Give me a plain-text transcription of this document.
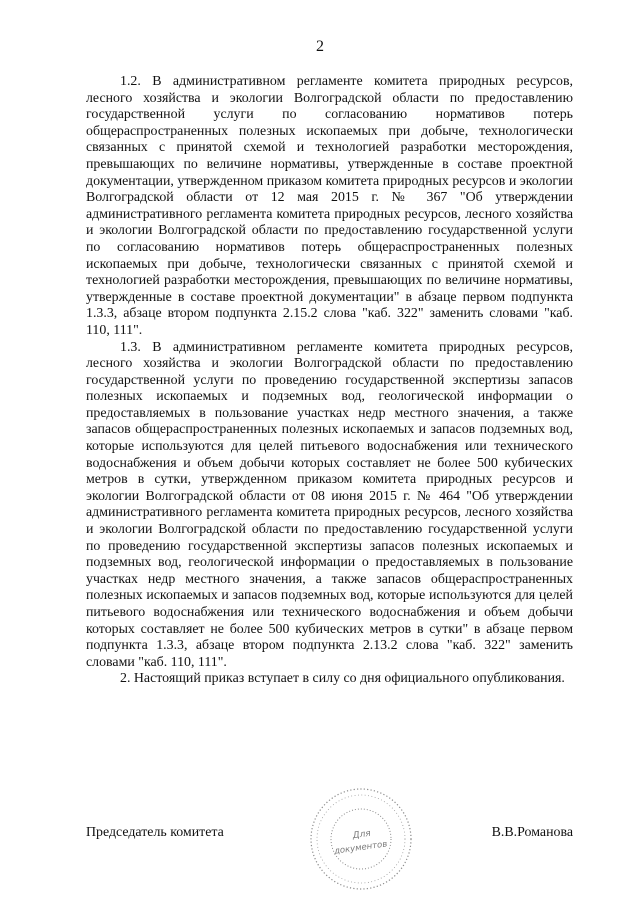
2

1.2. В административном регламенте комитета природных ресурсов, лесного хозяйства и экологии Волгоградской области по предоставлению государственной услуги по согласованию нормативов потерь общераспространенных полезных ископаемых при добыче, технологически связанных с принятой схемой и технологией разработки месторождения, превышающих по величине нормативы, утвержденные в составе проектной документации, утвержденном приказом комитета природных ресурсов и экологии Волгоградской области от 12 мая 2015 г. № 367 "Об утверждении административного регламента комитета природных ресурсов, лесного хозяйства и экологии Волгоградской области по предоставлению государственной услуги по согласованию нормативов потерь общераспространенных полезных ископаемых при добыче, технологически связанных с принятой схемой и технологией разработки месторождения, превышающих по величине нормативы, утвержденные в составе проектной документации" в абзаце первом подпункта 1.3.3, абзаце втором подпункта 2.15.2 слова "каб. 322" заменить словами "каб. 110, 111".

1.3. В административном регламенте комитета природных ресурсов, лесного хозяйства и экологии Волгоградской области по предоставлению государственной услуги по проведению государственной экспертизы запасов полезных ископаемых и подземных вод, геологической информации о предоставляемых в пользование участках недр местного значения, а также запасов общераспространенных полезных ископаемых и запасов подземных вод, которые используются для целей питьевого водоснабжения или технического водоснабжения и объем добычи которых составляет не более 500 кубических метров в сутки, утвержденном приказом комитета природных ресурсов и экологии Волгоградской области от 08 июня 2015 г. № 464 "Об утверждении административного регламента комитета природных ресурсов, лесного хозяйства и экологии Волгоградской области по предоставлению государственной услуги по проведению государственной экспертизы запасов полезных ископаемых и подземных вод, геологической информации о предоставляемых в пользование участках недр местного значения, а также запасов общераспространенных полезных ископаемых и запасов подземных вод, которые используются для целей питьевого водоснабжения или технического водоснабжения и объем добычи которых составляет не более 500 кубических метров в сутки" в абзаце первом подпункта 1.3.3, абзаце втором подпункта 2.13.2 слова "каб. 322" заменить словами "каб. 110, 111".

2. Настоящий приказ вступает в силу со дня официального опубликования.

Председатель комитета	В.В.Романова
Для
документов
